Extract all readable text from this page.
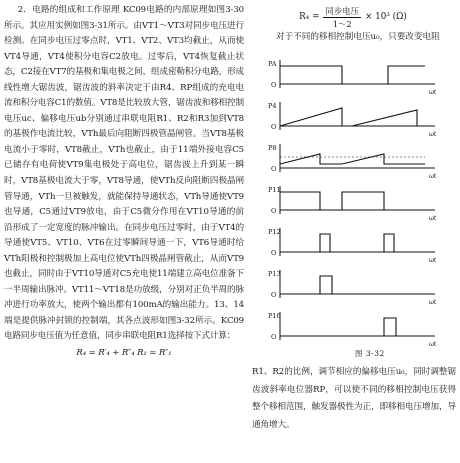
2．电路的组成和工作原理 KC09电路的内部原理如图3-30所示。其应用实例如图3-31所示。由VT1～VT3对同步电压进行检测。在同步电压过零点时，VT1、VT2、VT3均截止，从而使VT4导通，VT4使积分电容C2放电。过零后，VT4恢复截止状态，C2接在VT7的基极和集电极之间，组成密勒积分电路，形成线性增大锯齿波，锯齿波的斜率决定于由R4、RP组成的充电电流和积分电容C1的数值。VT8是比较放大管，锯齿波和移相控制电压uc、偏移电压ub分别通过串联电阻R1、R2和R3加到VT8的基极作电流比较，VTh最后向阻断四极管晶闸管。当VT8基极电流小于零时，VT8截止，VTh也截止，由于11端外接电容C5已储存有电荷使VT9集电极处于高电位，锯齿波上升到某一瞬时，VT8基极电流大于零，VT8导通，使VTh反向阻断四极晶闸管导通，VTh一旦被触发，就能保持导通状态，VTh导通使VT9也导通，C5通过VT9放电，由于C5微分作用在VT10导通的前沿形成了一定宽度的脉冲输出。在同步电压过零时，由于VT4的导通使VT5、VT10、VT6在过零瞬间导通一下，VT6导通时给VTh阳极和控制极加上高电位使VTh四极晶闸管截止，从而VT9也截止，同时由于VT10导通对C5充电使11端建立高电位准备下一半周输出脉冲。VT11～VT18是功放级，分别对正负半周的脉冲进行功率放大，使两个输出都有100mA的输出能力。13、14端是提供脉冲封锁的控制端，其各点波形如图3-32所示。KC09电路同步电压值为任意值，同步串联电阻R1选择按下式计算：

R₄ = R′₄ + R″₄ R₁ = R″₁
$R_4 = \frac{\text{同步电压}}{1\sim 2} \times 10^3$ (Ω)
对于不同的移相控制电压u₀，只要改变电阻
PA
O
ωt
P4
O
ωt
P8
O
ωt
P11
O
ωt
P12
O
ωt
P13
O
ωt
P16
O
ωt
图 3-32
R1、R2的比例，调节相应的偏移电压u₀，同时调整锯齿波斜率电位器RP，可以使不同的移相控制电压获得整个移相范围，触发器极性为正，即移相电压增加，导通角增大。
